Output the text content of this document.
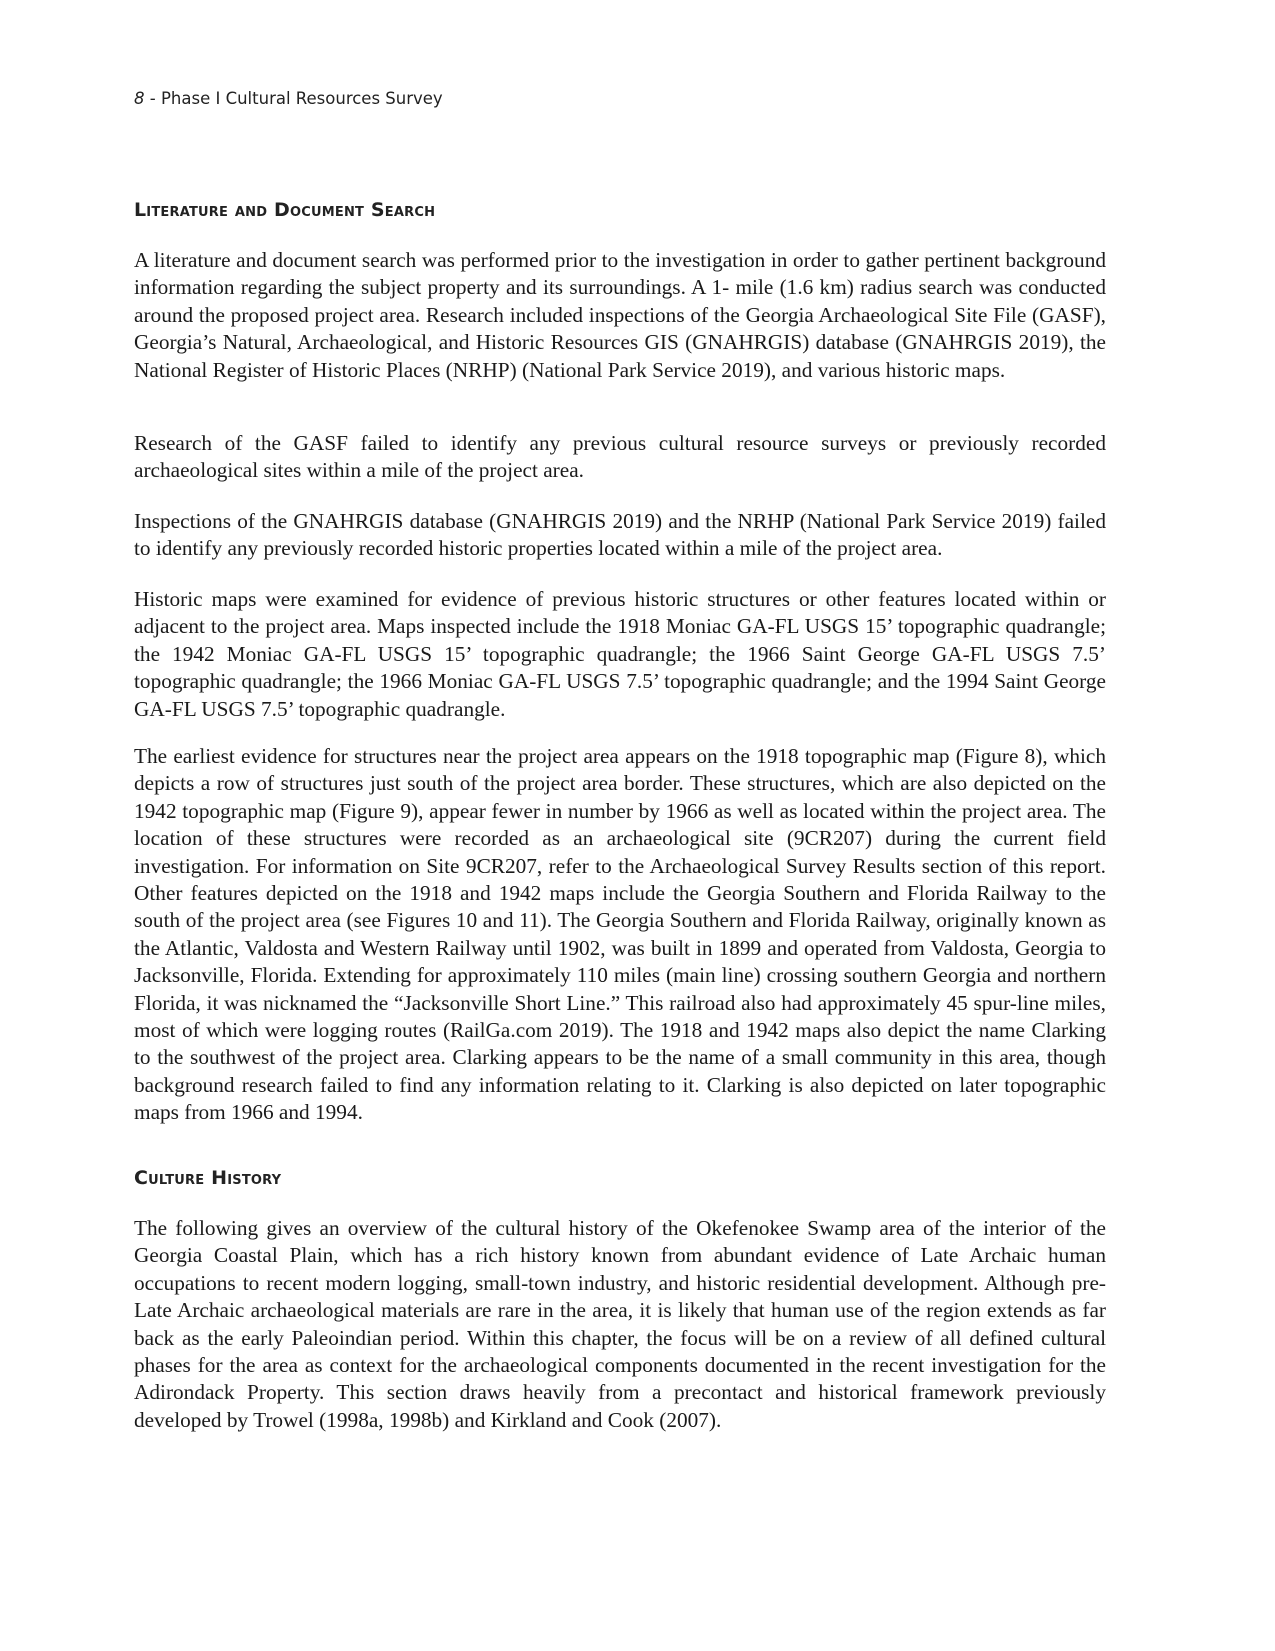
8 - Phase I Cultural Resources Survey
Literature and Document Search

A literature and document search was performed prior to the investigation in order to gather pertinent background information regarding the subject property and its surroundings. A 1- mile (1.6 km) radius search was conducted around the proposed project area. Research included inspections of the Georgia Archaeological Site File (GASF), Georgia’s Natural, Archaeological, and Historic Resources GIS (GNAHRGIS) database (GNAHRGIS 2019), the National Register of Historic Places (NRHP) (National Park Service 2019), and various historic maps.

Research of the GASF failed to identify any previous cultural resource surveys or previously recorded archaeological sites within a mile of the project area.

Inspections of the GNAHRGIS database (GNAHRGIS 2019) and the NRHP (National Park Service 2019) failed to identify any previously recorded historic properties located within a mile of the project area.

Historic maps were examined for evidence of previous historic structures or other features located within or adjacent to the project area. Maps inspected include the 1918 Moniac GA-FL USGS 15’ topographic quadrangle; the 1942 Moniac GA-FL USGS 15’ topographic quadrangle; the 1966 Saint George GA-FL USGS 7.5’ topographic quadrangle; the 1966 Moniac GA-FL USGS 7.5’ topographic quadrangle; and the 1994 Saint George GA-FL USGS 7.5’ topographic quadrangle.

The earliest evidence for structures near the project area appears on the 1918 topographic map (Figure 8), which depicts a row of structures just south of the project area border. These structures, which are also depicted on the 1942 topographic map (Figure 9), appear fewer in number by 1966 as well as located within the project area. The location of these structures were recorded as an archaeological site (9CR207) during the current field investigation. For information on Site 9CR207, refer to the Archaeological Survey Results section of this report. Other features depicted on the 1918 and 1942 maps include the Georgia Southern and Florida Railway to the south of the project area (see Figures 10 and 11). The Georgia Southern and Florida Railway, originally known as the Atlantic, Valdosta and Western Railway until 1902, was built in 1899 and operated from Valdosta, Georgia to Jacksonville, Florida. Extending for approximately 110 miles (main line) crossing southern Georgia and northern Florida, it was nicknamed the “Jacksonville Short Line.” This railroad also had approximately 45 spur-line miles, most of which were logging routes (RailGa.com 2019). The 1918 and 1942 maps also depict the name Clarking to the southwest of the project area. Clarking appears to be the name of a small community in this area, though background research failed to find any information relating to it. Clarking is also depicted on later topographic maps from 1966 and 1994.

Culture History

The following gives an overview of the cultural history of the Okefenokee Swamp area of the interior of the Georgia Coastal Plain, which has a rich history known from abundant evidence of Late Archaic human occupations to recent modern logging, small-town industry, and historic residential development. Although pre-Late Archaic archaeological materials are rare in the area, it is likely that human use of the region extends as far back as the early Paleoindian period. Within this chapter, the focus will be on a review of all defined cultural phases for the area as context for the archaeological components documented in the recent investigation for the Adirondack Property. This section draws heavily from a precontact and historical framework previously developed by Trowel (1998a, 1998b) and Kirkland and Cook (2007).
